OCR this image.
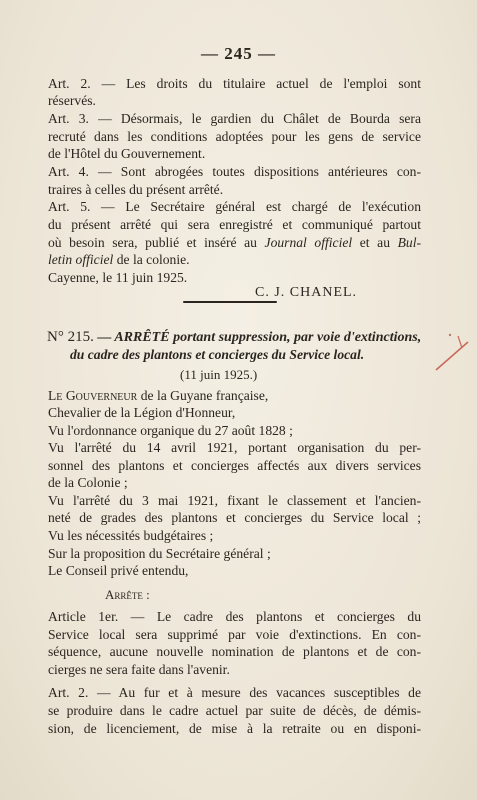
— 245 —
Art. 2. — Les droits du titulaire actuel de l'emploi sont
réservés.
Art. 3. — Désormais, le gardien du Châlet de Bourda sera
recruté dans les conditions adoptées pour les gens de service
de l'Hôtel du Gouvernement.
Art. 4. — Sont abrogées toutes dispositions antérieures con-
traires à celles du présent arrêté.
Art. 5. — Le Secrétaire général est chargé de l'exécution
du présent arrêté qui sera enregistré et communiqué partout
où besoin sera, publié et inséré au Journal officiel et au Bul-
letin officiel de la colonie.
Cayenne, le 11 juin 1925.
C. J. CHANEL.
N° 215. — ARRÊTÉ portant suppression, par voie d'extinctions,
du cadre des plantons et concierges du Service local.
(11 juin 1925.)
Le Gouverneur de la Guyane française,
Chevalier de la Légion d'Honneur,
Vu l'ordonnance organique du 27 août 1828 ;
Vu l'arrêté du 14 avril 1921, portant organisation du per-
sonnel des plantons et concierges affectés aux divers services
de la Colonie ;
Vu l'arrêté du 3 mai 1921, fixant le classement et l'ancien-
neté de grades des plantons et concierges du Service local ;
Vu les nécessités budgétaires ;
Sur la proposition du Secrétaire général ;
Le Conseil privé entendu,
Arrête :
Article 1er. — Le cadre des plantons et concierges du
Service local sera supprimé par voie d'extinctions. En con-
séquence, aucune nouvelle nomination de plantons et de con-
cierges ne sera faite dans l'avenir.
Art. 2. — Au fur et à mesure des vacances susceptibles de
se produire dans le cadre actuel par suite de décès, de démis-
sion, de licenciement, de mise à la retraite ou en disponi-
